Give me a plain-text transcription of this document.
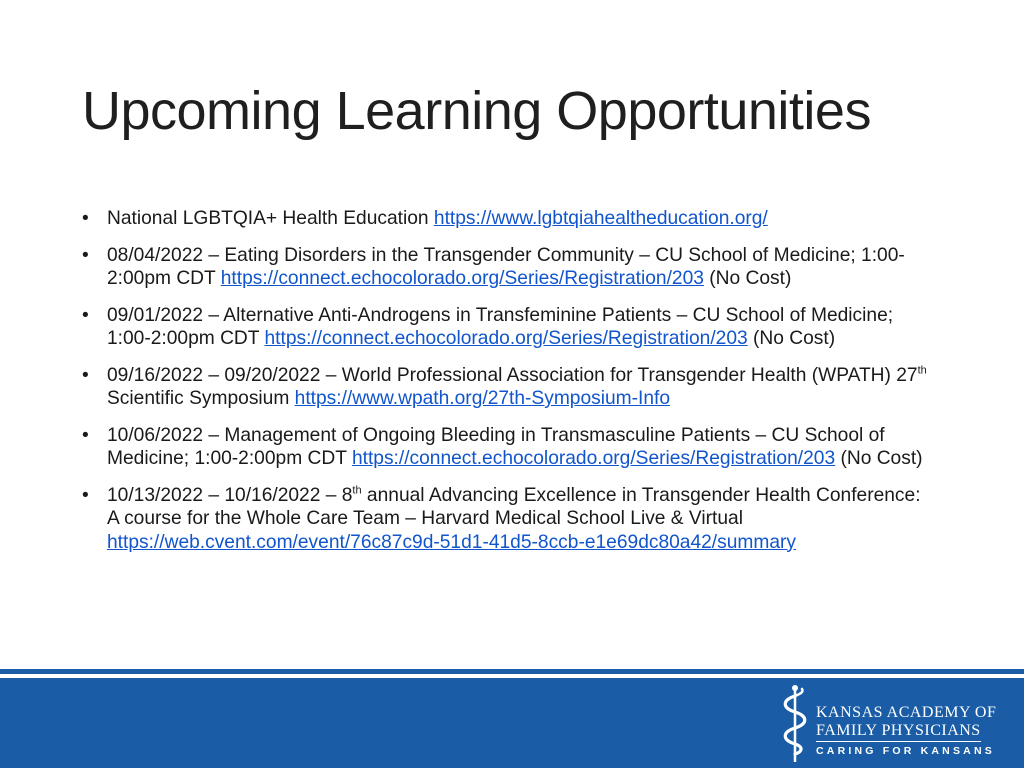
Upcoming Learning Opportunities
• National LGBTQIA+ Health Education https://www.lgbtqiahealtheducation.org/
• 08/04/2022 – Eating Disorders in the Transgender Community – CU School of Medicine; 1:00-2:00pm CDT https://connect.echocolorado.org/Series/Registration/203 (No Cost)
• 09/01/2022 – Alternative Anti-Androgens in Transfeminine Patients – CU School of Medicine; 1:00-2:00pm CDT https://connect.echocolorado.org/Series/Registration/203 (No Cost)
• 09/16/2022 – 09/20/2022 – World Professional Association for Transgender Health (WPATH) 27th Scientific Symposium https://www.wpath.org/27th-Symposium-Info
• 10/06/2022 – Management of Ongoing Bleeding in Transmasculine Patients – CU School of Medicine; 1:00-2:00pm CDT https://connect.echocolorado.org/Series/Registration/203 (No Cost)
• 10/13/2022 – 10/16/2022 – 8th annual Advancing Excellence in Transgender Health Conference: A course for the Whole Care Team – Harvard Medical School Live & Virtual https://web.cvent.com/event/76c87c9d-51d1-41d5-8ccb-e1e69dc80a42/summary
KANSAS ACADEMY OF
FAMILY PHYSICIANS
CARING FOR KANSANS
